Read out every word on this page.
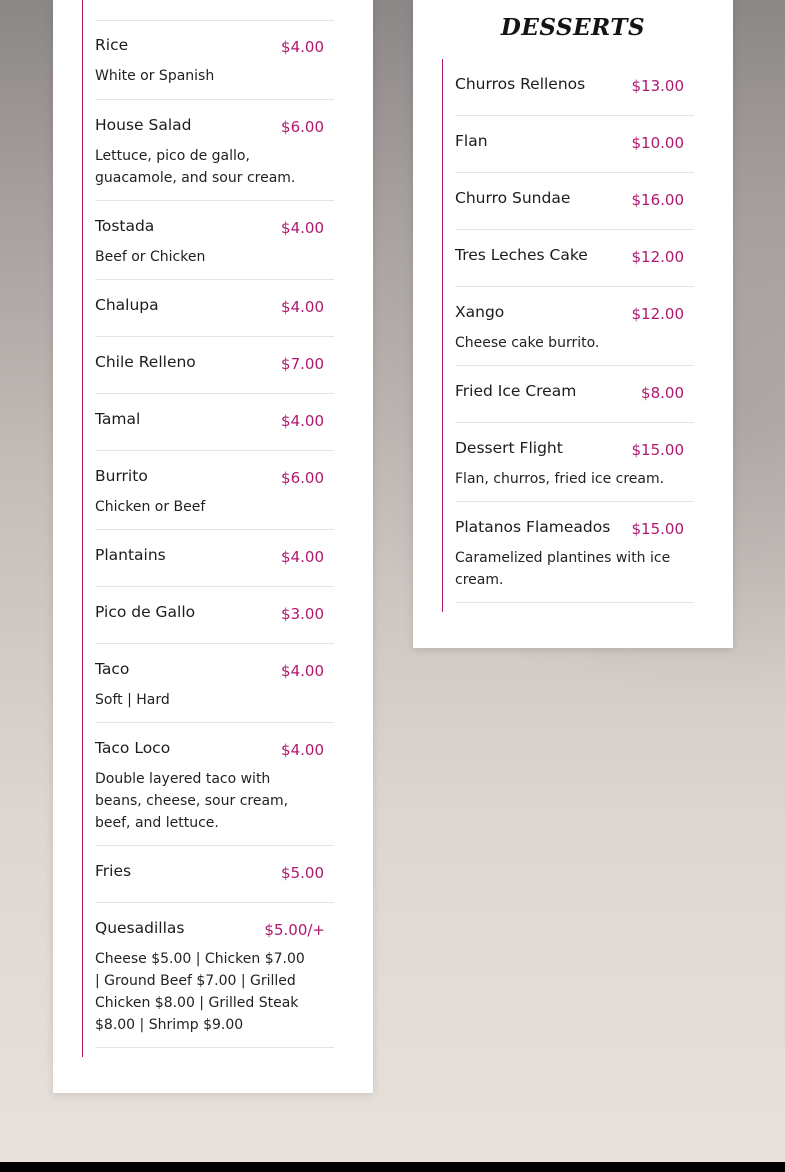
Rice	$4.00
White or Spanish
House Salad	$6.00
Lettuce, pico de gallo, guacamole, and sour cream.
Tostada	$4.00
Beef or Chicken
Chalupa	$4.00
Chile Relleno	$7.00
Tamal	$4.00
Burrito	$6.00
Chicken or Beef
Plantains	$4.00
Pico de Gallo	$3.00
Taco	$4.00
Soft | Hard
Taco Loco	$4.00
Double layered taco with beans, cheese, sour cream, beef, and lettuce.
Fries	$5.00
Quesadillas	$5.00/+
Cheese $5.00 | Chicken $7.00 | Ground Beef $7.00 | Grilled Chicken $8.00 | Grilled Steak $8.00 | Shrimp $9.00
DESSERTS
Churros Rellenos	$13.00
Flan	$10.00
Churro Sundae	$16.00
Tres Leches Cake	$12.00
Xango	$12.00
Cheese cake burrito.
Fried Ice Cream	$8.00
Dessert Flight	$15.00
Flan, churros, fried ice cream.
Platanos Flameados $15.00
Caramelized plantines with ice cream.
